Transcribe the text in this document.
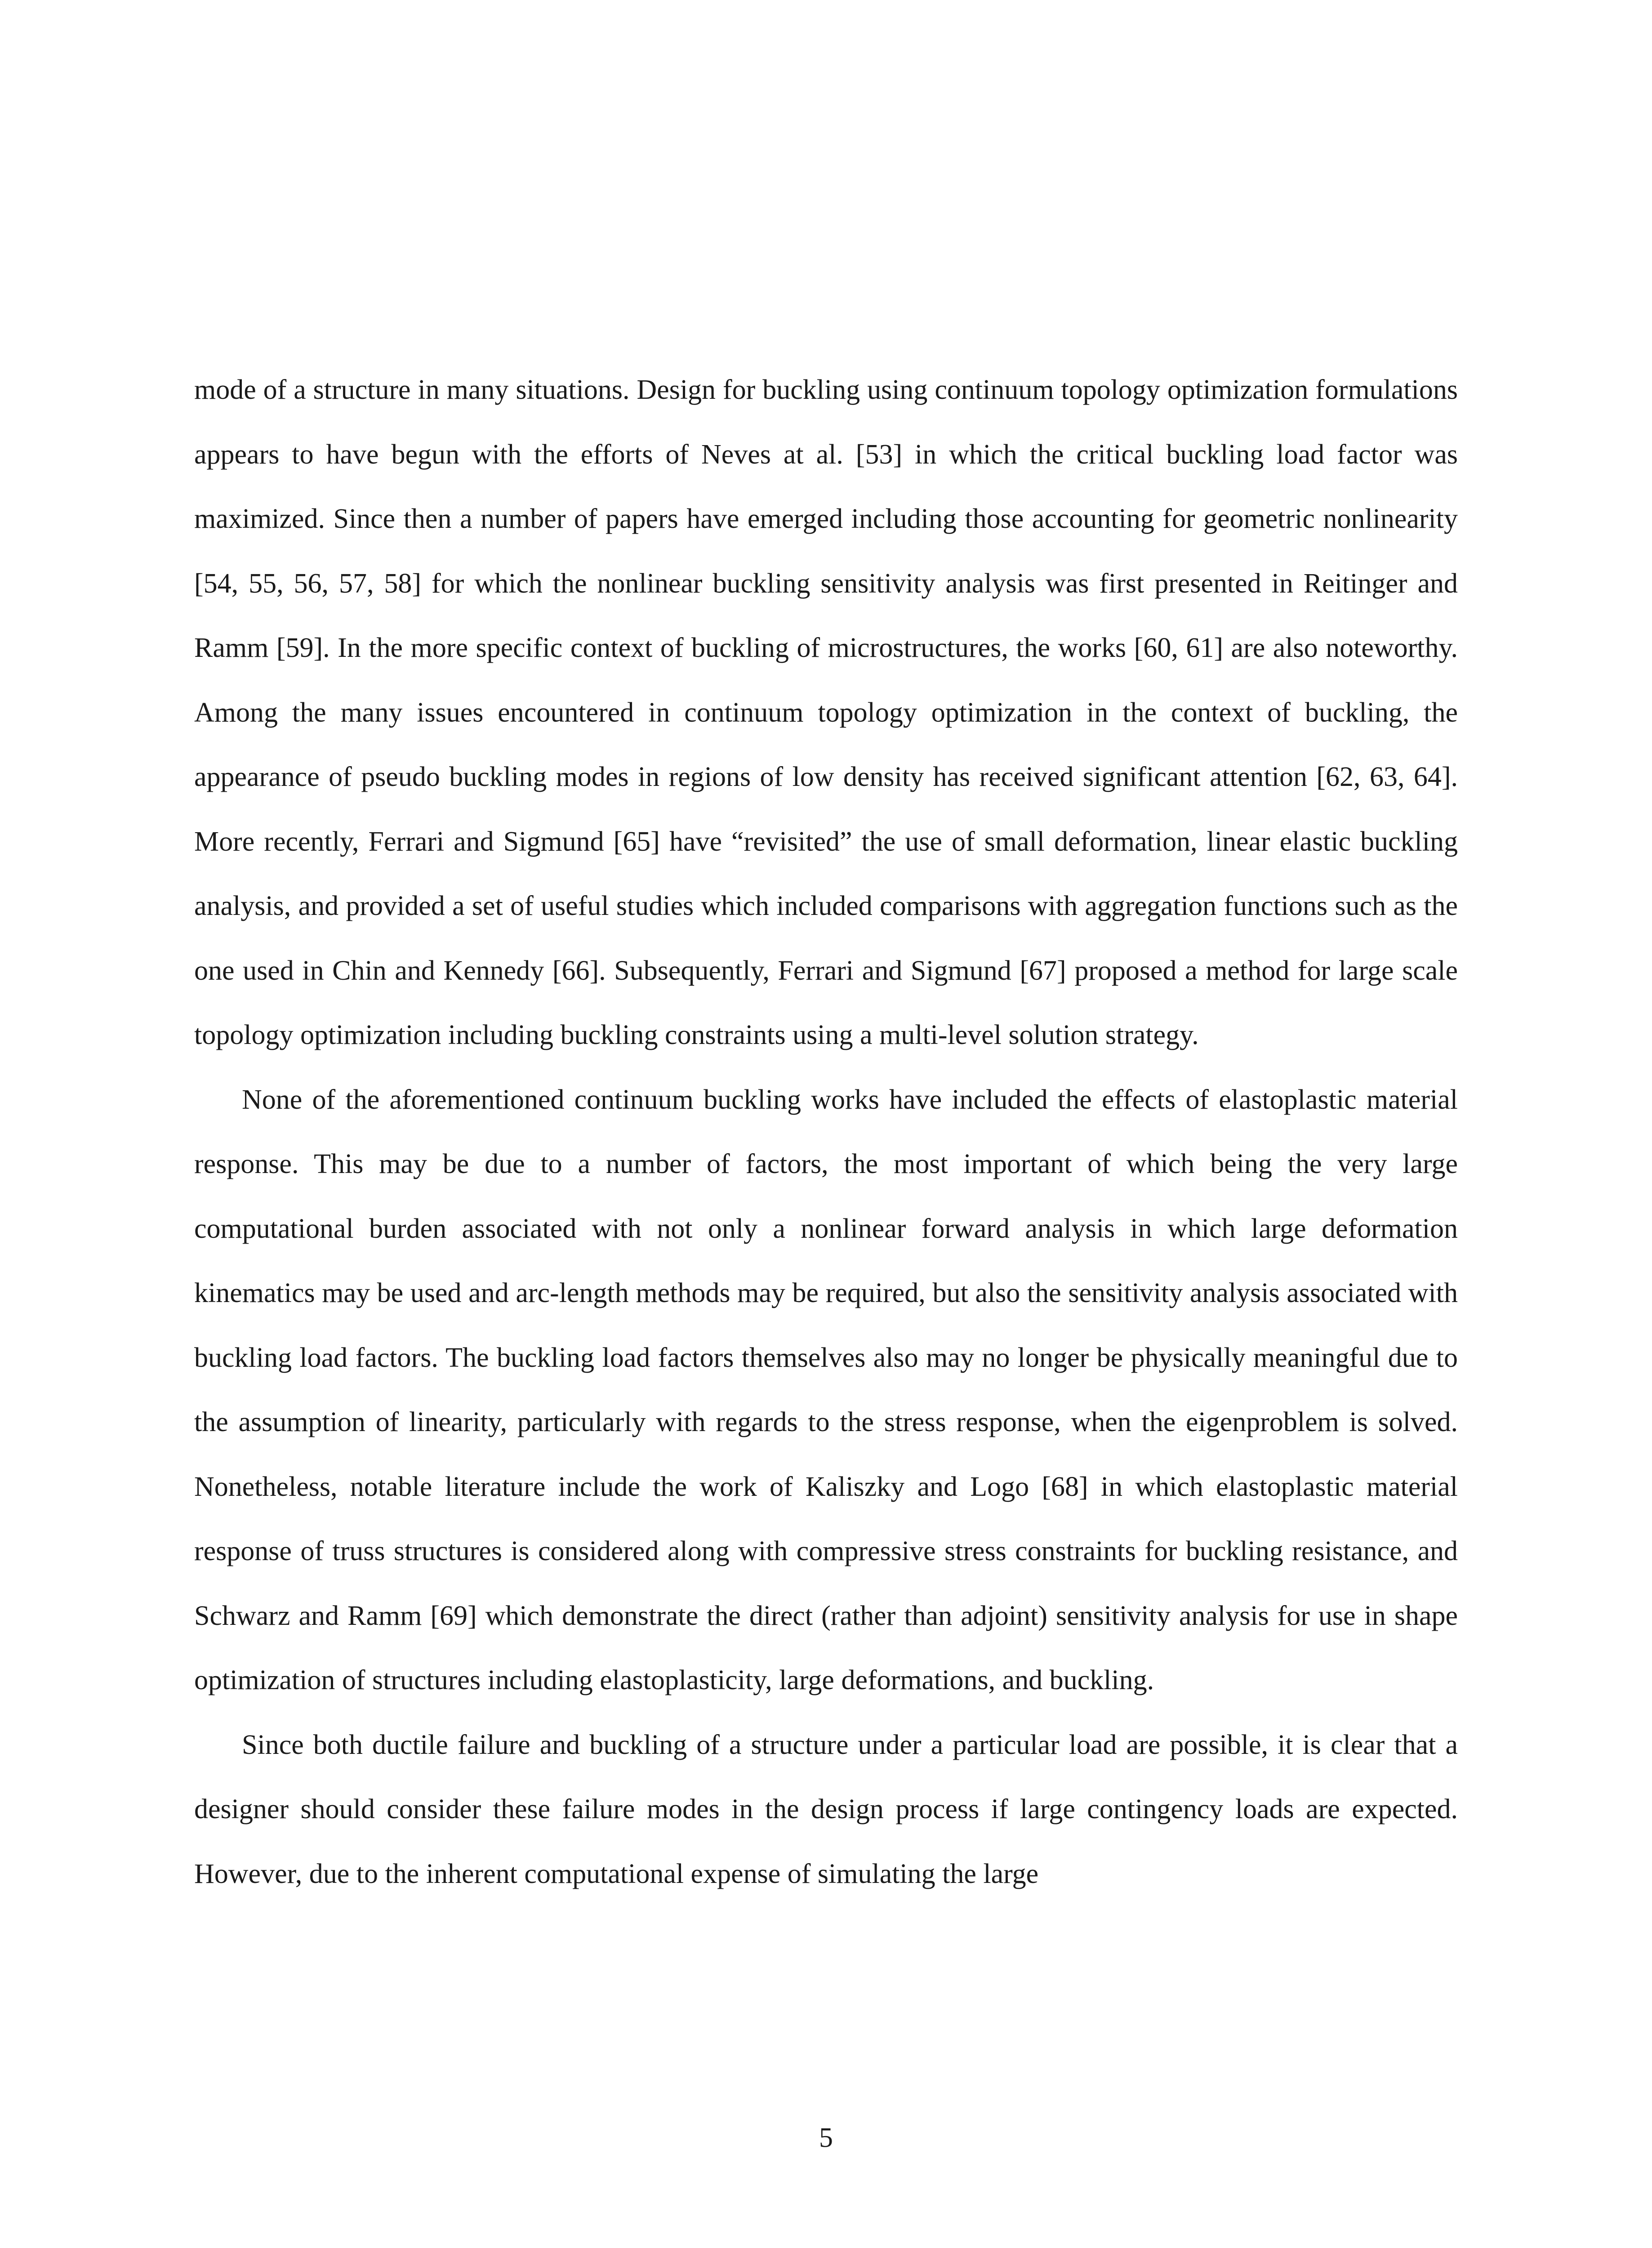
mode of a structure in many situations. Design for buckling using continuum topology optimization formulations appears to have begun with the efforts of Neves at al. [53] in which the critical buckling load factor was maximized. Since then a number of papers have emerged including those accounting for geometric nonlinearity [54, 55, 56, 57, 58] for which the nonlinear buckling sensitivity analysis was first presented in Reitinger and Ramm [59]. In the more specific context of buckling of microstructures, the works [60, 61] are also noteworthy. Among the many issues encountered in continuum topology optimization in the context of buckling, the appearance of pseudo buckling modes in regions of low density has received significant attention [62, 63, 64]. More recently, Ferrari and Sigmund [65] have “revisited” the use of small deformation, linear elastic buckling analysis, and provided a set of useful studies which included comparisons with aggregation functions such as the one used in Chin and Kennedy [66]. Subsequently, Ferrari and Sigmund [67] proposed a method for large scale topology optimization including buckling constraints using a multi-level solution strategy.

None of the aforementioned continuum buckling works have included the effects of elastoplastic material response. This may be due to a number of factors, the most important of which being the very large computational burden associated with not only a nonlinear forward analysis in which large deformation kinematics may be used and arc-length methods may be required, but also the sensitivity analysis associated with buckling load factors. The buckling load factors themselves also may no longer be physically meaningful due to the assumption of linearity, particularly with regards to the stress response, when the eigenproblem is solved. Nonetheless, notable literature include the work of Kaliszky and Logo [68] in which elastoplastic material response of truss structures is considered along with compressive stress constraints for buckling resistance, and Schwarz and Ramm [69] which demonstrate the direct (rather than adjoint) sensitivity analysis for use in shape optimization of structures including elastoplasticity, large deformations, and buckling.

Since both ductile failure and buckling of a structure under a particular load are possible, it is clear that a designer should consider these failure modes in the design process if large contingency loads are expected. However, due to the inherent computational expense of simulating the large

5
